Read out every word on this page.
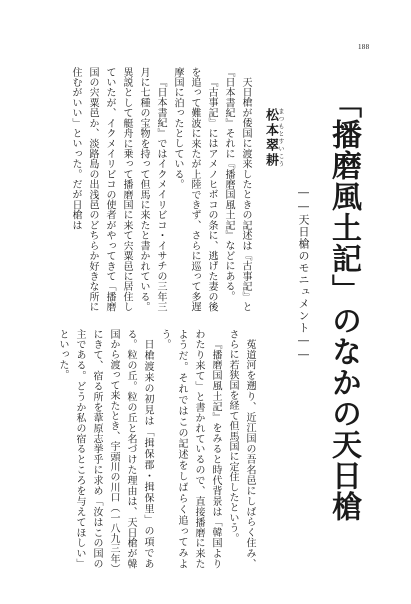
188
「播磨風土記」のなかの天日槍
――天日槍のモニュメント――
まつもとすいこう
松本翠耕

天日槍が倭国に渡来したときの記述は『古事記』と『日本書紀』それに『播磨国風土記』などにある。

『古事記』にはアメノヒボコの条に、逃げた妻の後を追って難波に来たが上陸できず、さらに巡って多遅摩国に泊ったとしている。

『日本書紀』ではイクメイリビコ・イサチの三年三月に七種の宝物を持って但馬に来たと書かれている。異説として艇舟に乗って播磨国に来て宍粟邑に居住していたが、イクメイリビコの使者がやってきて「播磨国の宍粟邑か、淡路島の出浅邑のどちらか好きな所に住むがいい」といった。だが日槍は

菟道河を遡り、近江国の吾名邑にしばらく住み、さらに若狭国を経て但馬国に定住したという。

『播磨国風土記』をみると時代背景は「韓国よりわたり来て」と書かれているので、直接播磨に来たようだ。それではこの記述をしばらく追ってみよう。

日槍渡来の初見は「揖保郡・揖保里」の項である。粒の丘。粒の丘と名づけた理由は、天日槍が韓国から渡って来たとき、宇頭川の川口（一八九三年）にきて、宿る所を葦原志挙乎に求め「汝はこの国の主である。どうか私の宿るところを与えてほしい」といった。
